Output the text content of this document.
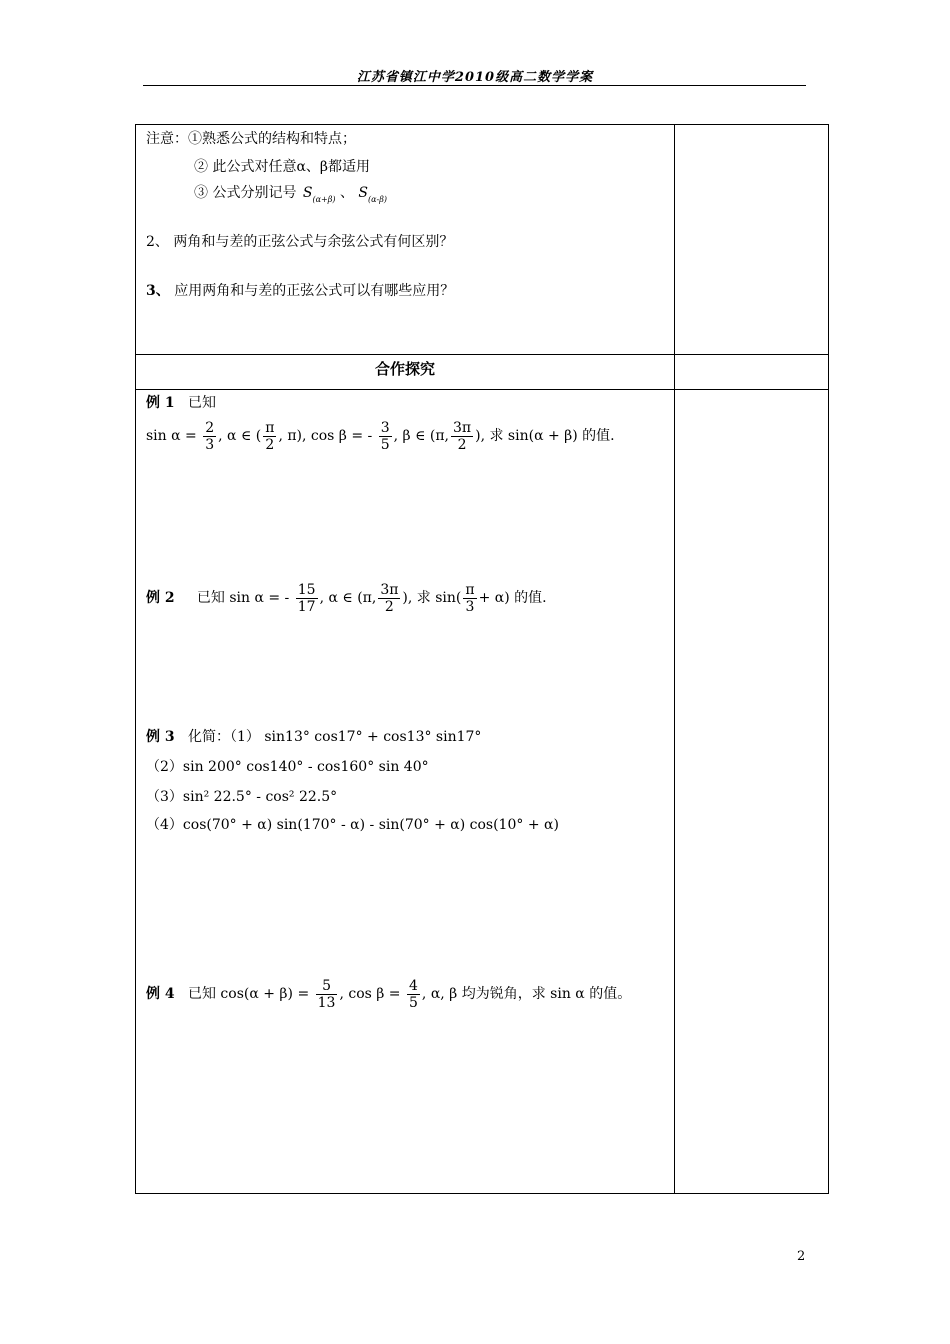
江苏省镇江中学2010级高二数学学案
注意：①熟悉公式的结构和特点；
② 此公式对任意α、β都适用
③ 公式分别记号 $S_{(\alpha+\beta)}$ 、 $S_{(\alpha-\beta)}$
2、 两角和与差的正弦公式与余弦公式有何区别？
3、 应用两角和与差的正弦公式可以有哪些应用？
合作探究
例 1 已知
$\sin \alpha = \frac{2}{3}$ , α ∈ ( $\frac{\pi}{2}$ , π), cos β = - $\frac{3}{5}$ , β ∈ (π, $\frac{3\pi}{2}$ ), 求 sin(α + β) 的值.
例 2 已知 sin α = - $\frac{15}{17}$ , α ∈ (π, $\frac{3\pi}{2}$ ), 求 $\sin( \frac{\pi}{3} + \alpha)$ 的值.
例 3 化简：（1） sin13° cos17° + cos13° sin17°
（2）sin 200° cos140° - cos160° sin 40°
（3）sin² 22.5° - cos² 22.5°
（4）cos(70° + α) sin(170° - α) - sin(70° + α) cos(10° + α)
例 4 已知 $\cos(\alpha + \beta) = \frac{5}{13}$ , $\cos \beta = \frac{4}{5}$ , α, β 均为锐角，求 sin α 的值。
2
